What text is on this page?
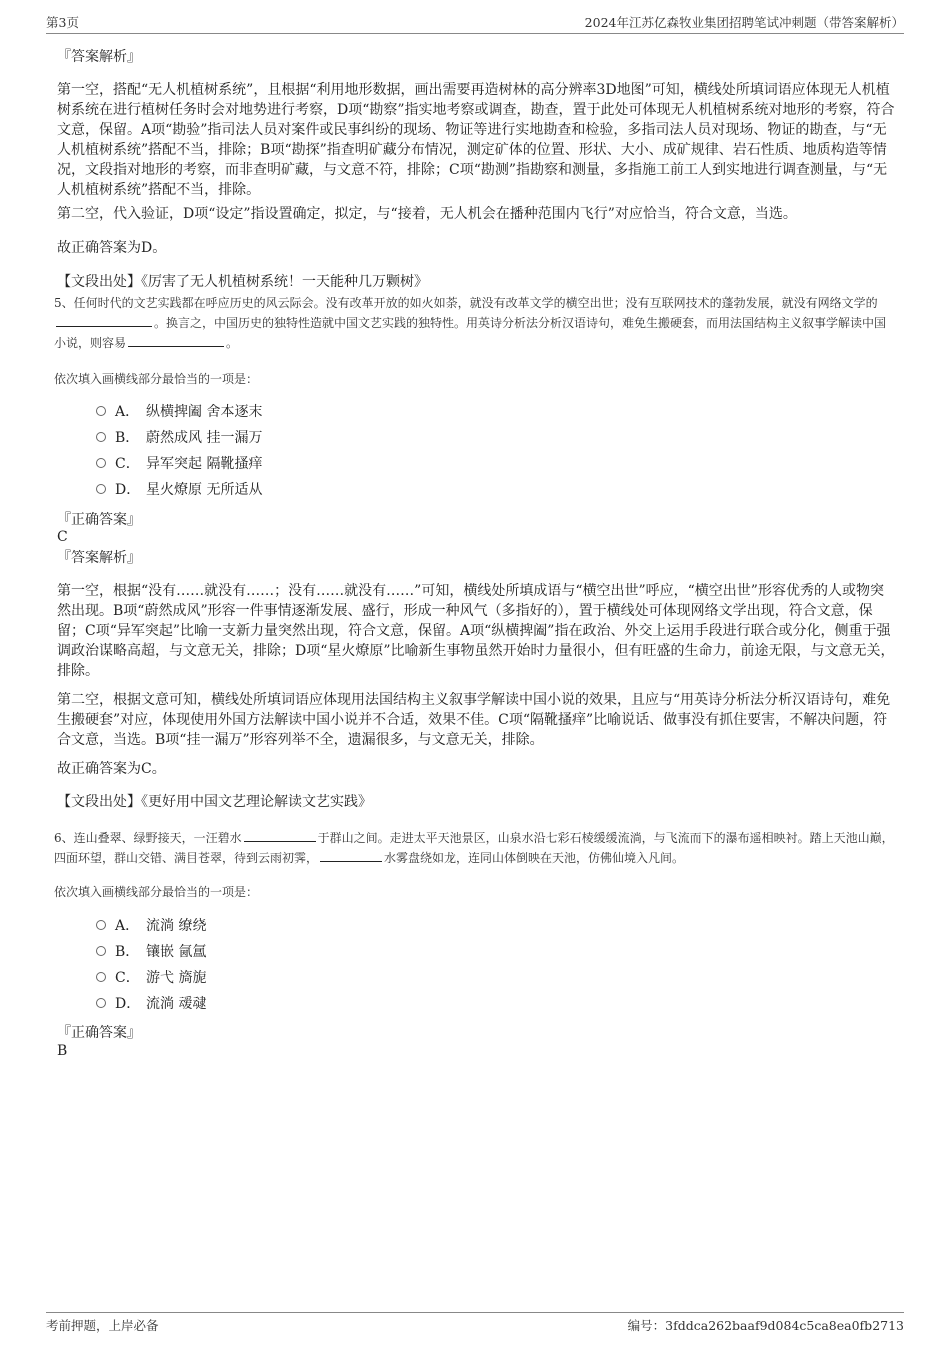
第3页	2024年江苏亿森牧业集团招聘笔试冲刺题（带答案解析）
『答案解析』
第一空，搭配“无人机植树系统”，且根据“利用地形数据，画出需要再造树林的高分辨率3D地图”可知，横线处所填词语应体现无人机植树系统在进行植树任务时会对地势进行考察，D项“勘察”指实地考察或调查，勘查，置于此处可体现无人机植树系统对地形的考察，符合文意，保留。A项“勘验”指司法人员对案件或民事纠纷的现场、物证等进行实地勘查和检验，多指司法人员对现场、物证的勘查，与“无人机植树系统”搭配不当，排除；B项“勘探”指查明矿藏分布情况，测定矿体的位置、形状、大小、成矿规律、岩石性质、地质构造等情况，文段指对地形的考察，而非查明矿藏，与文意不符，排除；C项“勘测”指勘察和测量，多指施工前工人到实地进行调查测量，与“无人机植树系统”搭配不当，排除。
第二空，代入验证，D项“设定”指设置确定，拟定，与“接着，无人机会在播种范围内飞行”对应恰当，符合文意，当选。
故正确答案为D。
【文段出处】《厉害了无人机植树系统！一天能种几万颗树》
5、任何时代的文艺实践都在呼应历史的风云际会。没有改革开放的如火如荼，就没有改革文学的横空出世；没有互联网技术的蓬勃发展，就没有网络文学的。换言之，中国历史的独特性造就中国文艺实践的独特性。用英诗分析法分析汉语诗句，难免生搬硬套，而用法国结构主义叙事学解读中国小说，则容易	。
依次填入画横线部分最恰当的一项是：
A． 纵横捭阖 舍本逐末
B． 蔚然成风 挂一漏万
C． 异军突起 隔靴搔痒
D． 星火燎原 无所适从
『正确答案』
C
『答案解析』
第一空，根据“没有……就没有……；没有……就没有……”可知，横线处所填成语与“横空出世”呼应，“横空出世”形容优秀的人或物突然出现。B项“蔚然成风”形容一件事情逐渐发展、盛行，形成一种风气（多指好的），置于横线处可体现网络文学出现，符合文意，保留；C项“异军突起”比喻一支新力量突然出现，符合文意，保留。A项“纵横捭阖”指在政治、外交上运用手段进行联合或分化，侧重于强调政治谋略高超，与文意无关，排除；D项“星火燎原”比喻新生事物虽然开始时力量很小，但有旺盛的生命力，前途无限，与文意无关，排除。
第二空，根据文意可知，横线处所填词语应体现用法国结构主义叙事学解读中国小说的效果，且应与“用英诗分析法分析汉语诗句，难免生搬硬套”对应，体现使用外国方法解读中国小说并不合适，效果不佳。C项“隔靴搔痒”比喻说话、做事没有抓住要害，不解决问题，符合文意，当选。B项“挂一漏万”形容列举不全，遗漏很多，与文意无关，排除。
故正确答案为C。
【文段出处】《更好用中国文艺理论解读文艺实践》
6、连山叠翠、绿野接天，一汪碧水	于群山之间。走进太平天池景区，山泉水沿七彩石棱缓缓流淌，与飞流而下的瀑布遥相映衬。踏上天池山巅，四面环望，群山交错、满目苍翠，待到云雨初霁，	水雾盘绕如龙，连同山体倒映在天池，仿佛仙境入凡间。
依次填入画横线部分最恰当的一项是：
A． 流淌 缭绕
B． 镶嵌 氤氲
C． 游弋 旖旎
D． 流淌 叆叇
『正确答案』
B
考前押题，上岸必备	编号：3fddca262baaf9d084c5ca8ea0fb2713
